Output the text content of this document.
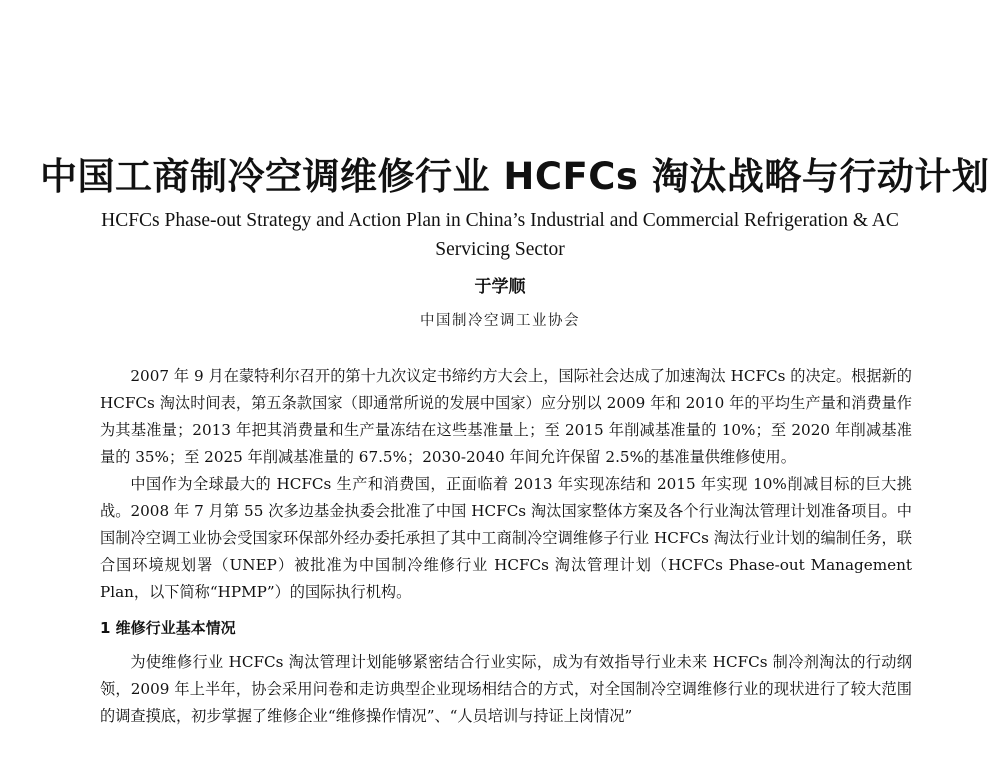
中国工商制冷空调维修行业 HCFCs 淘汰战略与行动计划
HCFCs Phase-out Strategy and Action Plan in China’s Industrial and Commercial Refrigeration & AC Servicing Sector
于学顺
中国制冷空调工业协会

2007 年 9 月在蒙特利尔召开的第十九次议定书缔约方大会上，国际社会达成了加速淘汰 HCFCs 的决定。根据新的 HCFCs 淘汰时间表，第五条款国家（即通常所说的发展中国家）应分别以 2009 年和 2010 年的平均生产量和消费量作为其基准量；2013 年把其消费量和生产量冻结在这些基准量上；至 2015 年削减基准量的 10%；至 2020 年削减基准量的 35%；至 2025 年削减基准量的 67.5%；2030-2040 年间允许保留 2.5%的基准量供维修使用。

中国作为全球最大的 HCFCs 生产和消费国，正面临着 2013 年实现冻结和 2015 年实现 10%削减目标的巨大挑战。2008 年 7 月第 55 次多边基金执委会批准了中国 HCFCs 淘汰国家整体方案及各个行业淘汰管理计划准备项目。中国制冷空调工业协会受国家环保部外经办委托承担了其中工商制冷空调维修子行业 HCFCs 淘汰行业计划的编制任务，联合国环境规划署（UNEP）被批准为中国制冷维修行业 HCFCs 淘汰管理计划（HCFCs Phase-out Management Plan，以下简称“HPMP”）的国际执行机构。

1 维修行业基本情况

为使维修行业 HCFCs 淘汰管理计划能够紧密结合行业实际，成为有效指导行业未来 HCFCs 制冷剂淘汰的行动纲领，2009 年上半年，协会采用问卷和走访典型企业现场相结合的方式，对全国制冷空调维修行业的现状进行了较大范围的调查摸底，初步掌握了维修企业“维修操作情况”、“人员培训与持证上岗情况”
